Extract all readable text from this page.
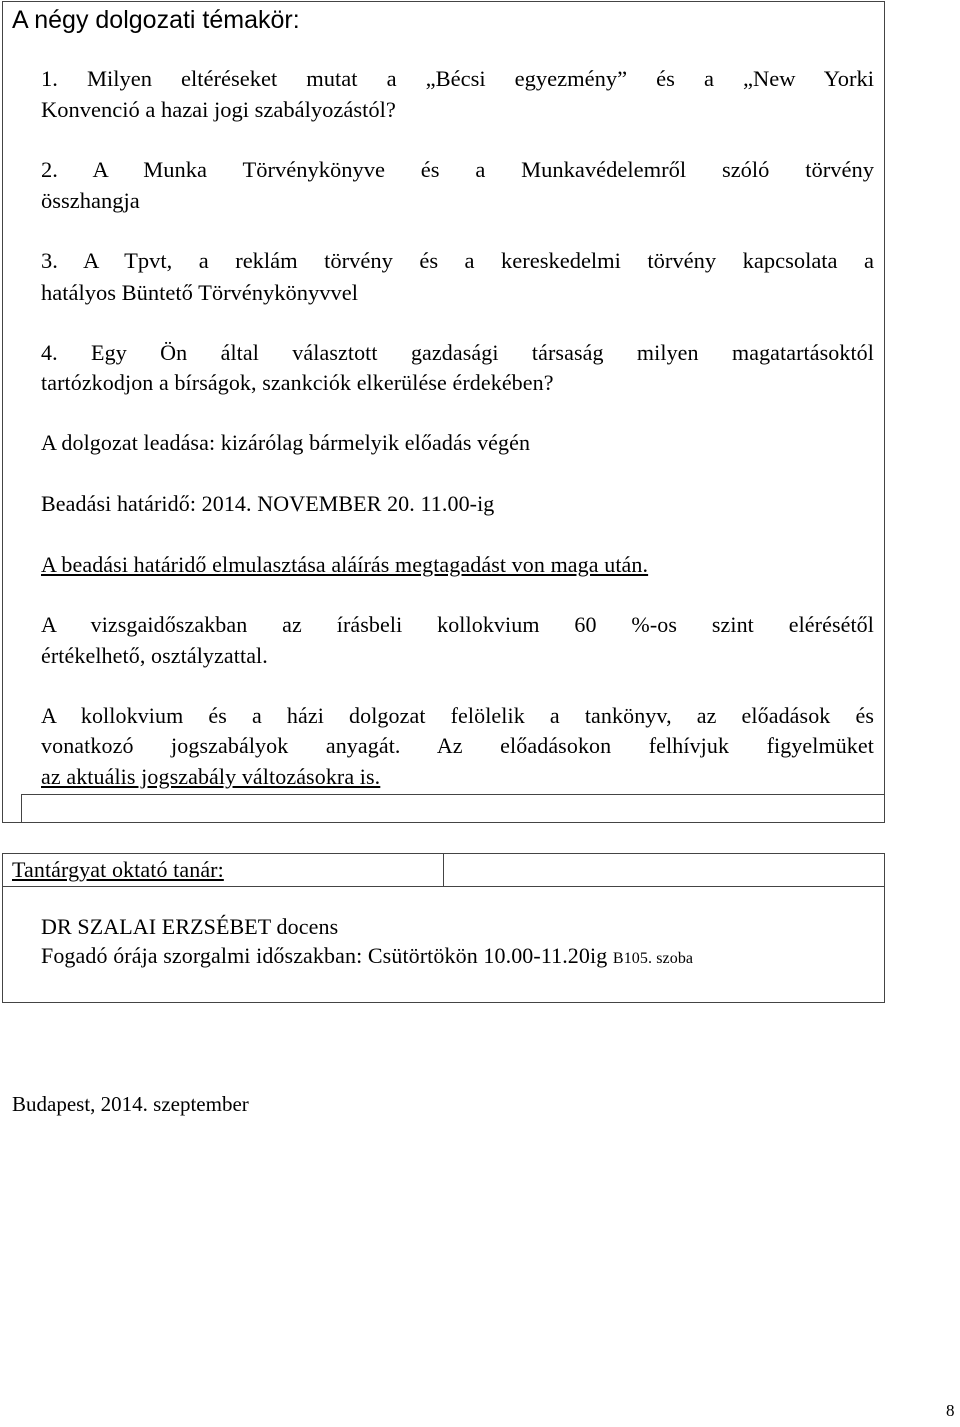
A négy dolgozati témakör:

1. Milyen eltéréseket mutat a „Bécsi egyezmény” és a „New Yorki

Konvenció a hazai jogi szabályozástól?

2. A Munka Törvénykönyve és a Munkavédelemről szóló törvény

összhangja

3. A Tpvt, a reklám törvény és a kereskedelmi törvény kapcsolata a

hatályos Büntető Törvénykönyvvel

4. Egy Ön által választott gazdasági társaság milyen magatartásoktól

tartózkodjon a bírságok, szankciók elkerülése érdekében?

A dolgozat leadása: kizárólag bármelyik előadás végén

Beadási határidő: 2014. NOVEMBER 20. 11.00-ig

A beadási határidő elmulasztása aláírás megtagadást von maga után.

A vizsgaidőszakban az írásbeli kollokvium 60 %-os szint elérésétől

értékelhető, osztályzattal.

A kollokvium és a házi dolgozat felölelik a tankönyv, az előadások és

vonatkozó jogszabályok anyagát. Az előadásokon felhívjuk figyelmüket

az aktuális jogszabály változásokra is.

Tantárgyat oktató tanár:

DR SZALAI ERZSÉBET docens

Fogadó órája szorgalmi időszakban: Csütörtökön 10.00-11.20ig B105. szoba

Budapest, 2014. szeptember

8
